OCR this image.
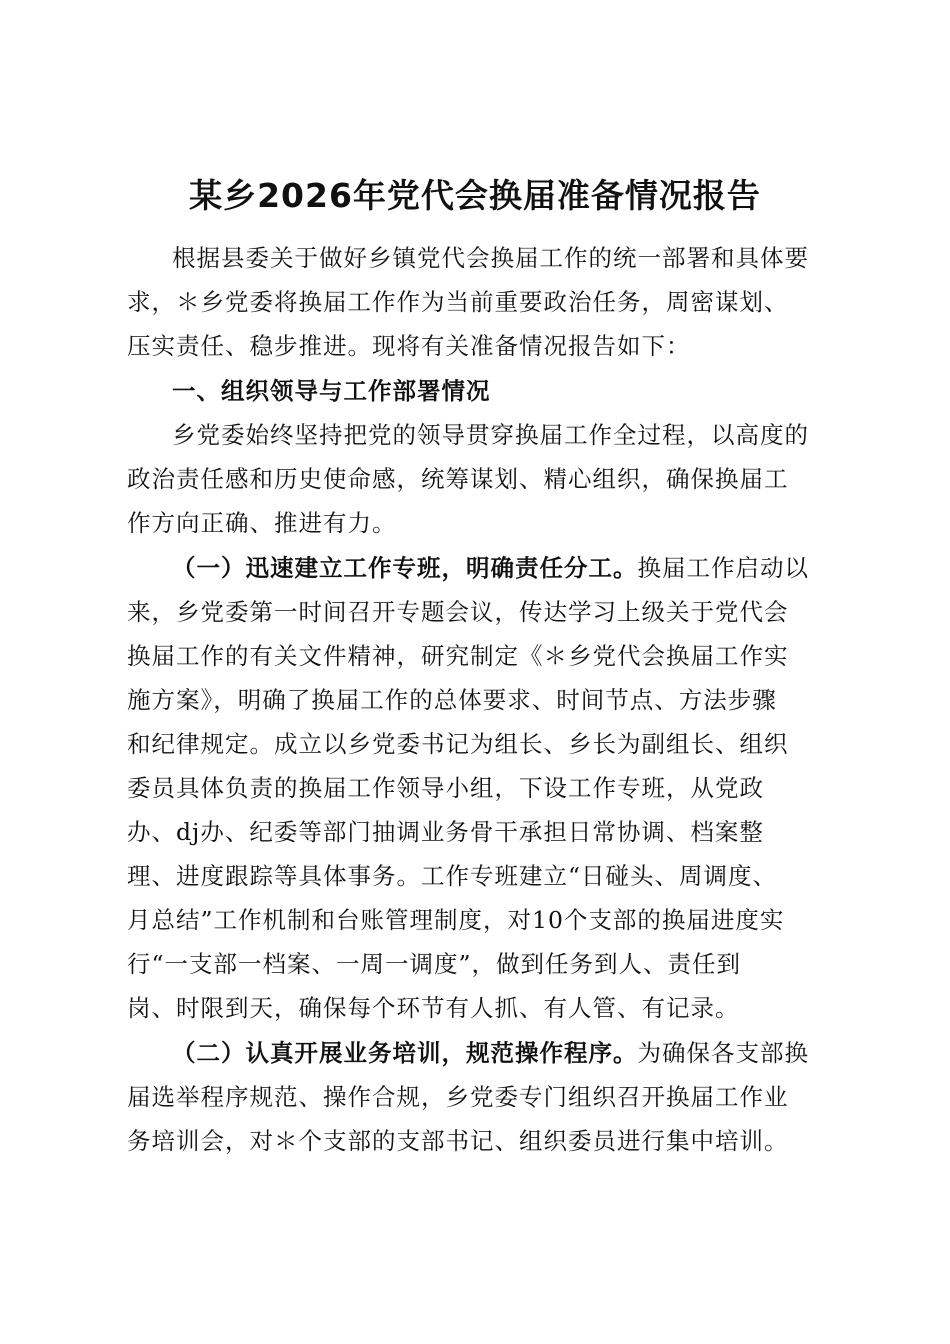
某乡2026年党代会换届准备情况报告
根据县委关于做好乡镇党代会换届工作的统一部署和具体要
求，＊乡党委将换届工作作为当前重要政治任务，周密谋划、
压实责任、稳步推进。现将有关准备情况报告如下：
一、组织领导与工作部署情况
乡党委始终坚持把党的领导贯穿换届工作全过程，以高度的
政治责任感和历史使命感，统筹谋划、精心组织，确保换届工
作方向正确、推进有力。
（一）迅速建立工作专班，明确责任分工。换届工作启动以
来，乡党委第一时间召开专题会议，传达学习上级关于党代会
换届工作的有关文件精神，研究制定《＊乡党代会换届工作实
施方案》，明确了换届工作的总体要求、时间节点、方法步骤
和纪律规定。成立以乡党委书记为组长、乡长为副组长、组织
委员具体负责的换届工作领导小组，下设工作专班，从党政
办、dj办、纪委等部门抽调业务骨干承担日常协调、档案整
理、进度跟踪等具体事务。工作专班建立“日碰头、周调度、
月总结”工作机制和台账管理制度，对10个支部的换届进度实
行“一支部一档案、一周一调度”，做到任务到人、责任到
岗、时限到天，确保每个环节有人抓、有人管、有记录。
（二）认真开展业务培训，规范操作程序。为确保各支部换
届选举程序规范、操作合规，乡党委专门组织召开换届工作业
务培训会，对＊个支部的支部书记、组织委员进行集中培训。
